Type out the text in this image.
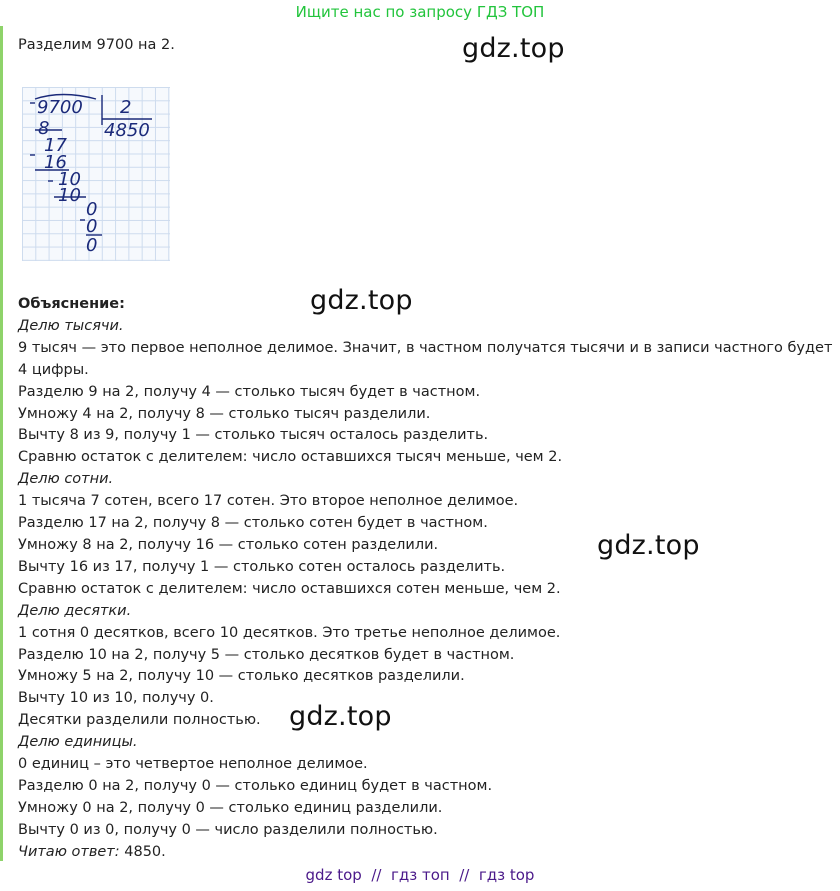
Ищите нас по запросу ГДЗ ТОП
Разделим 9700 на 2.	gdz.top
gdz.top
gdz.top
gdz.top
9700 2
4850
8
17
16
10
10
0
0
0
Объяснение:
Делю тысячи.
9 тысяч — это первое неполное делимое. Значит, в частном получатся тысячи и в записи частного будет 4 цифры.
Разделю 9 на 2, получу 4 — столько тысяч будет в частном.
Умножу 4 на 2, получу 8 — столько тысяч разделили.
Вычту 8 из 9, получу 1 — столько тысяч осталось разделить.
Сравню остаток с делителем: число оставшихся тысяч меньше, чем 2.
Делю сотни.
1 тысяча 7 сотен, всего 17 сотен. Это второе неполное делимое.
Разделю 17 на 2, получу 8 — столько сотен будет в частном.
Умножу 8 на 2, получу 16 — столько сотен разделили.
Вычту 16 из 17, получу 1 — столько сотен осталось разделить.
Сравню остаток с делителем: число оставшихся сотен меньше, чем 2.
Делю десятки.
1 сотня 0 десятков, всего 10 десятков. Это третье неполное делимое.
Разделю 10 на 2, получу 5 — столько десятков будет в частном.
Умножу 5 на 2, получу 10 — столько десятков разделили.
Вычту 10 из 10, получу 0.
Десятки разделили полностью.
Делю единицы.
0 единиц – это четвертое неполное делимое.
Разделю 0 на 2, получу 0 — столько единиц будет в частном.
Умножу 0 на 2, получу 0 — столько единиц разделили.
Вычту 0 из 0, получу 0 — число разделили полностью.
Читаю ответ: 4850.
gdz top  //  гдз топ  //  гдз top
